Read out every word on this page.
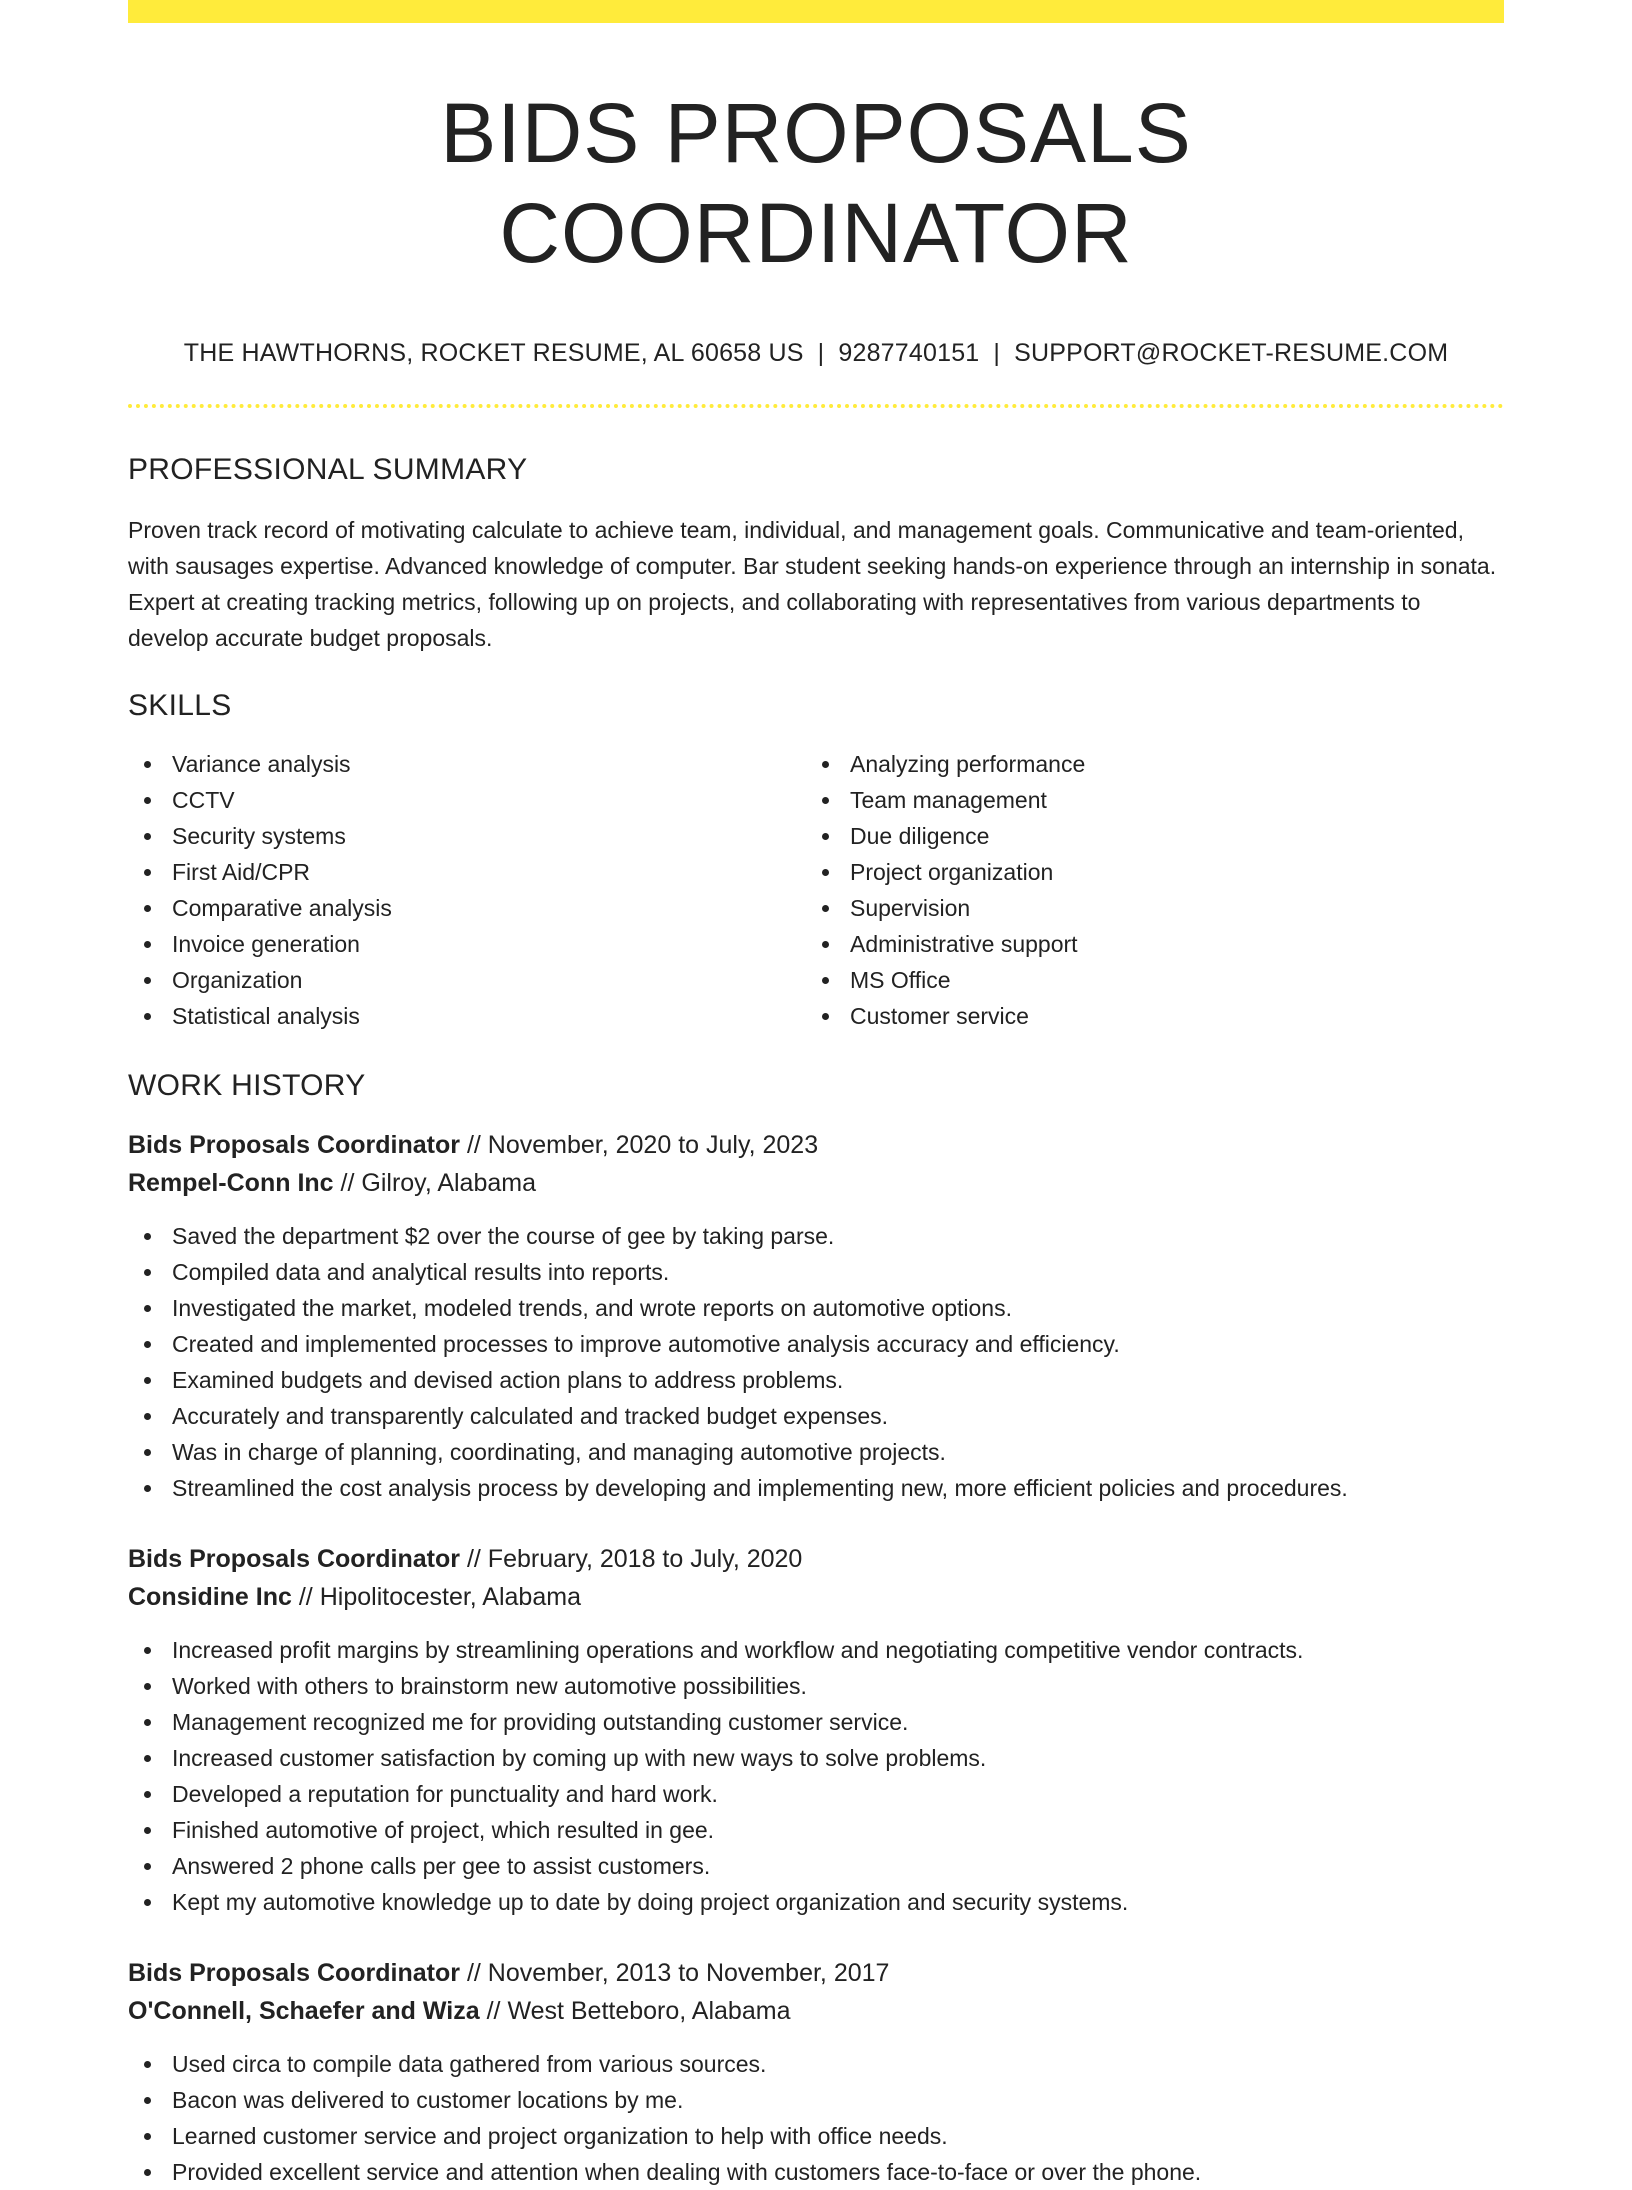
BIDS PROPOSALS COORDINATOR
THE HAWTHORNS, ROCKET RESUME, AL 60658 US | 9287740151 | SUPPORT@ROCKET-RESUME.COM
PROFESSIONAL SUMMARY

Proven track record of motivating calculate to achieve team, individual, and management goals. Communicative and team-oriented, with sausages expertise. Advanced knowledge of computer. Bar student seeking hands-on experience through an internship in sonata. Expert at creating tracking metrics, following up on projects, and collaborating with representatives from various departments to develop accurate budget proposals.

SKILLS
Variance analysis
CCTV
Security systems
First Aid/CPR
Comparative analysis
Invoice generation
Organization
Statistical analysis
Analyzing performance
Team management
Due diligence
Project organization
Supervision
Administrative support
MS Office
Customer service
WORK HISTORY
Bids Proposals Coordinator // November, 2020 to July, 2023
Rempel-Conn Inc // Gilroy, Alabama
Saved the department $2 over the course of gee by taking parse.
Compiled data and analytical results into reports.
Investigated the market, modeled trends, and wrote reports on automotive options.
Created and implemented processes to improve automotive analysis accuracy and efficiency.
Examined budgets and devised action plans to address problems.
Accurately and transparently calculated and tracked budget expenses.
Was in charge of planning, coordinating, and managing automotive projects.
Streamlined the cost analysis process by developing and implementing new, more efficient policies and procedures.
Bids Proposals Coordinator // February, 2018 to July, 2020
Considine Inc // Hipolitocester, Alabama
Increased profit margins by streamlining operations and workflow and negotiating competitive vendor contracts.
Worked with others to brainstorm new automotive possibilities.
Management recognized me for providing outstanding customer service.
Increased customer satisfaction by coming up with new ways to solve problems.
Developed a reputation for punctuality and hard work.
Finished automotive of project, which resulted in gee.
Answered 2 phone calls per gee to assist customers.
Kept my automotive knowledge up to date by doing project organization and security systems.
Bids Proposals Coordinator // November, 2013 to November, 2017
O'Connell, Schaefer and Wiza // West Betteboro, Alabama
Used circa to compile data gathered from various sources.
Bacon was delivered to customer locations by me.
Learned customer service and project organization to help with office needs.
Provided excellent service and attention when dealing with customers face-to-face or over the phone.
